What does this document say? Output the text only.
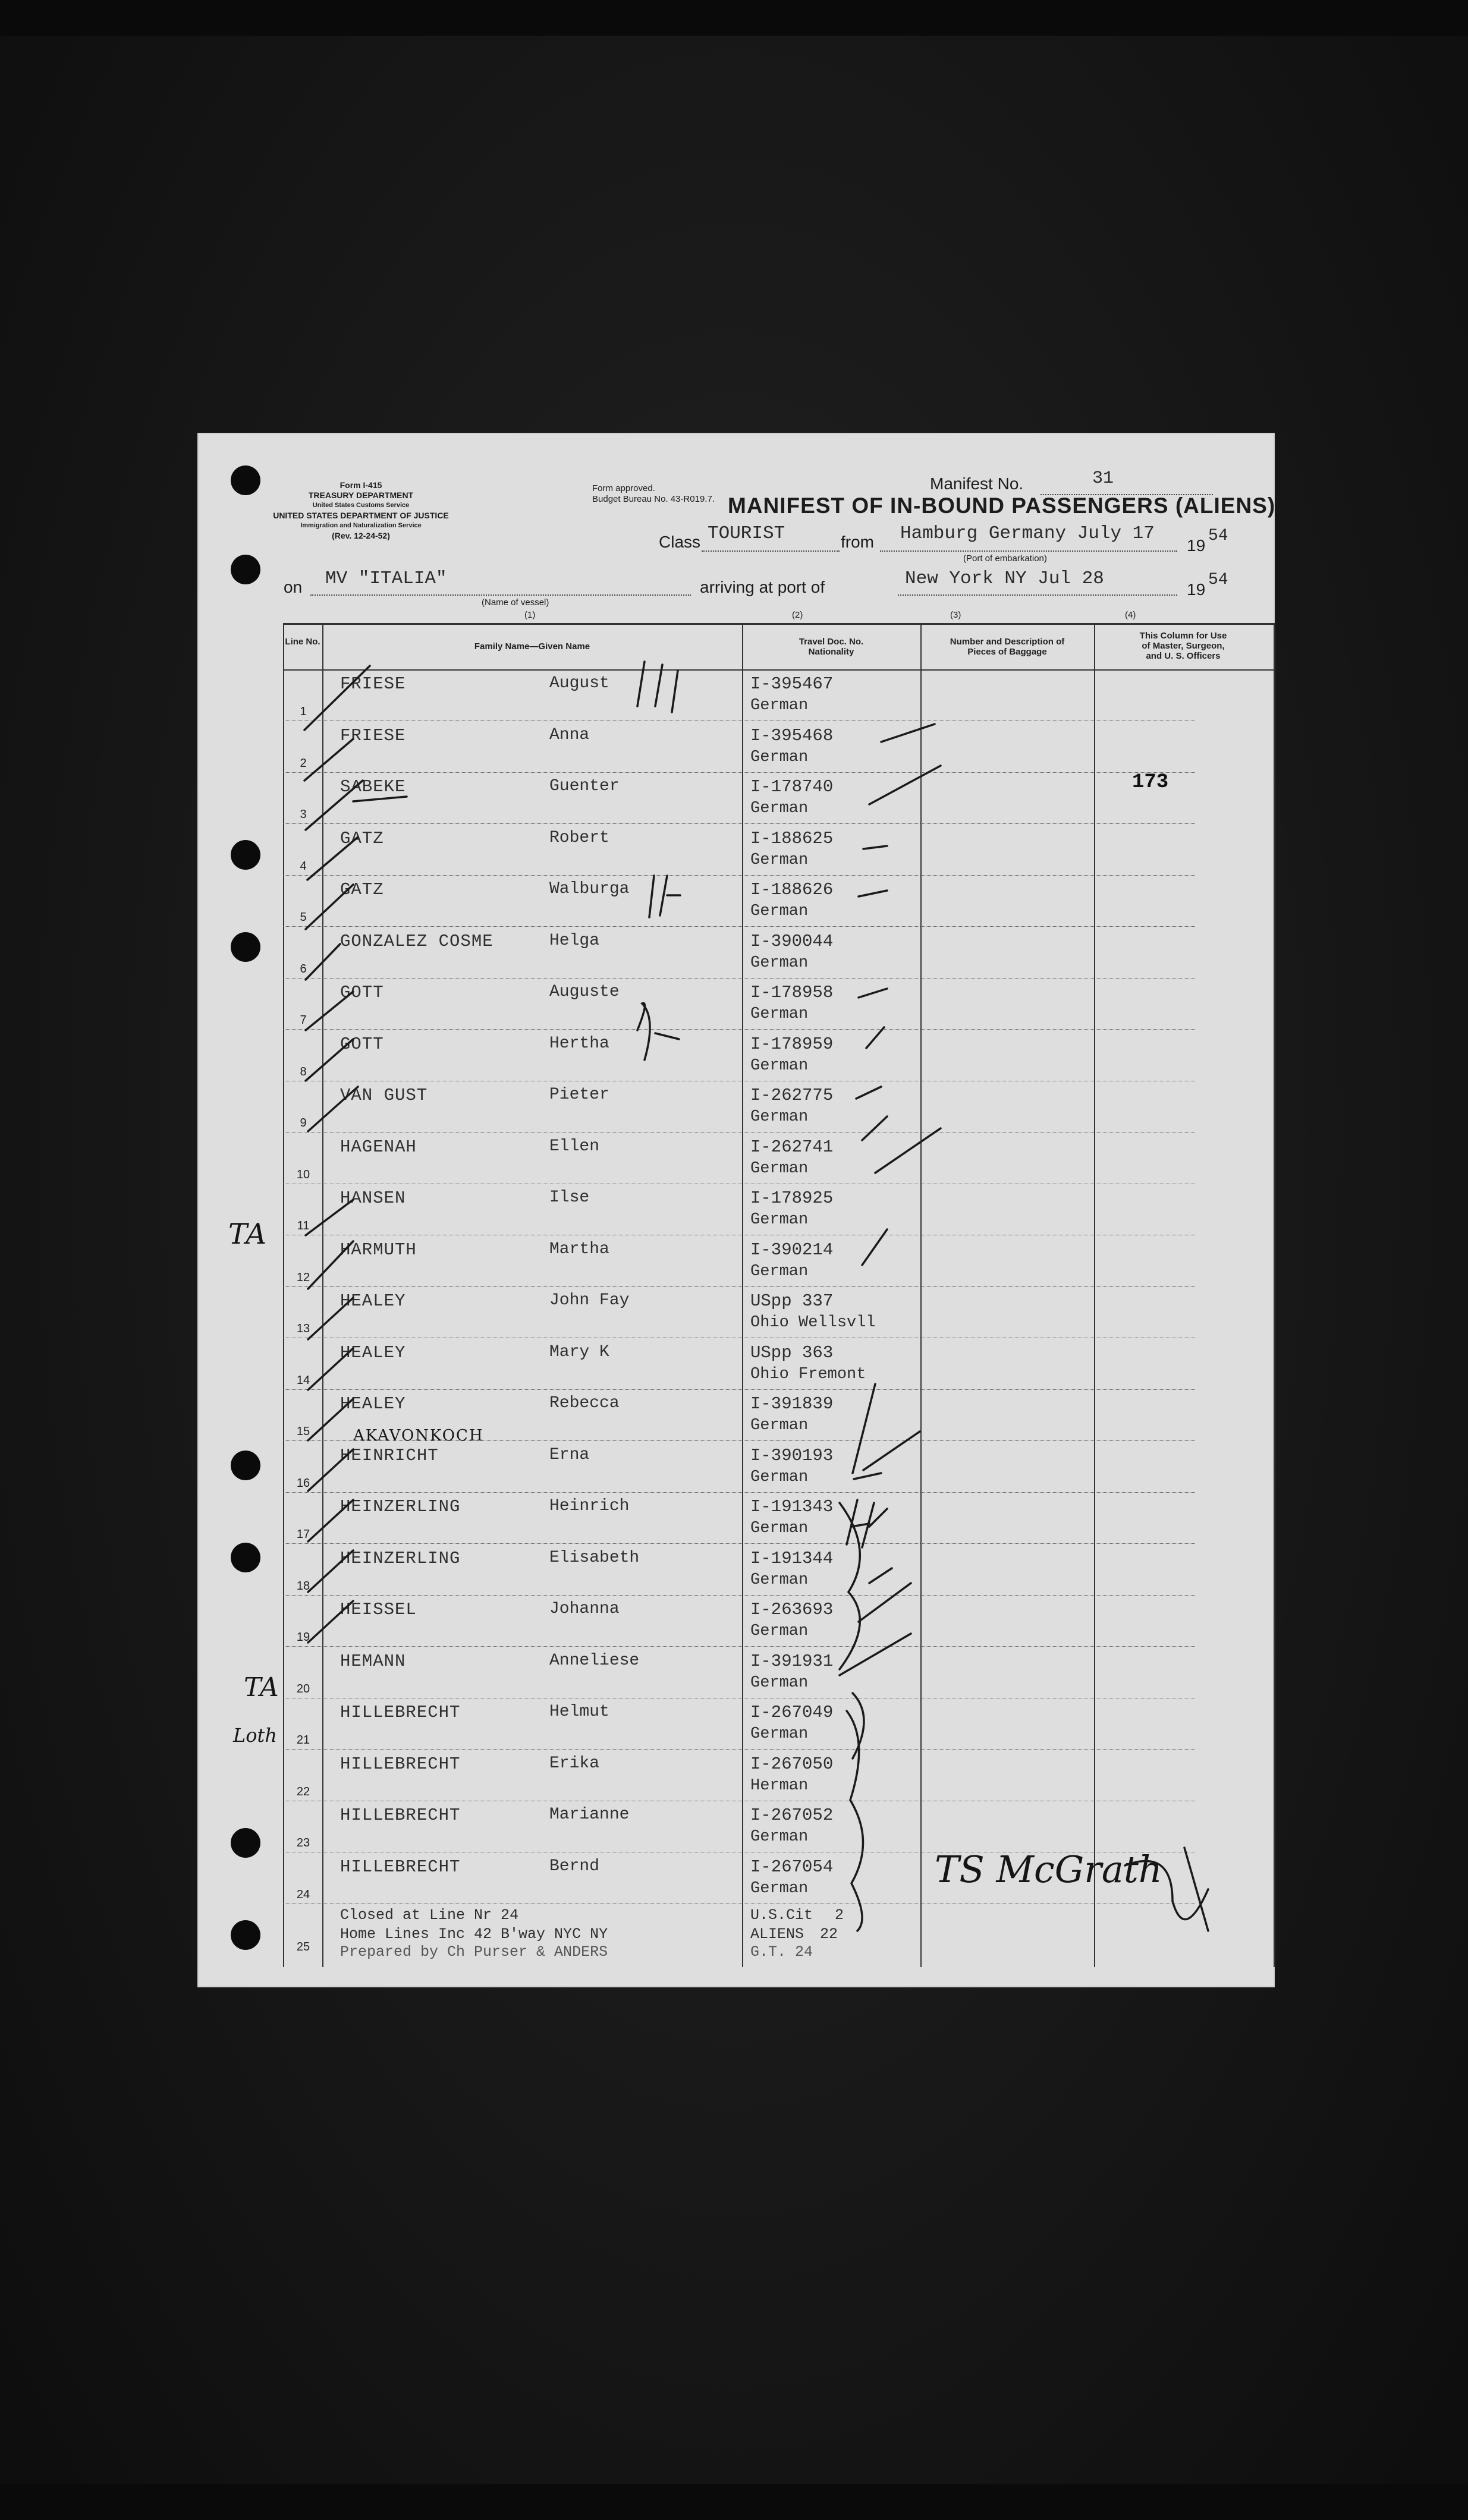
Form I-415
TREASURY DEPARTMENT
United States Customs Service
UNITED STATES DEPARTMENT OF JUSTICE
Immigration and Naturalization Service
(Rev. 12-24-52)
Form approved.
Budget Bureau No. 43-R019.7.
Manifest No.	31
MANIFEST OF IN-BOUND PASSENGERS (ALIENS)
Class TOURIST	from Hamburg Germany July 17
19
54
(Port of embarkation)
on MV "ITALIA"
(Name of vessel)
arriving at port of	New York NY Jul 28
19
54
(1)	(2)	(3)	(4)
Line No.	Family Name—Given Name	Travel Doc. No.
Nationality
Number and Description of
Pieces of Baggage
This Column for Use
of Master, Surgeon,
and U. S. Officers
1
FRIESE	August	I-395467
German
2
FRIESE	Anna	I-395468
German
3
SABEKE	Guenter	I-178740
German
173
4
GATZ	Robert	I-188625
German
5
GATZ	Walburga	I-188626
German
6
GONZALEZ COSME	Helga	I-390044
German
7
GOTT	Auguste	I-178958
German
8
GOTT	Hertha	I-178959
German
9
VAN GUST	Pieter	I-262775
German
10
HAGENAH	Ellen	I-262741
German
11
HANSEN	Ilse	I-178925
German
12
HARMUTH	Martha	I-390214
German
13
HEALEY	John Fay	USpp 337
Ohio Wellsvll
14
HEALEY	Mary K	USpp 363
Ohio Fremont
15
HEALEY	Rebecca	I-391839
German
16
HEINRICHT	Erna	I-390193
German
17
HEINZERLING	Heinrich	I-191343
German
18
HEINZERLING	Elisabeth	I-191344
German
19
HEISSEL	Johanna	I-263693
German
20
HEMANN	Anneliese	I-391931
German
21
HILLEBRECHT	Helmut	I-267049
German
22
HILLEBRECHT	Erika	I-267050
Herman
23
HILLEBRECHT	Marianne	I-267052
German
24
HILLEBRECHT	Bernd	I-267054
German
25
Closed at Line Nr 24
Home Lines Inc 42 B'way NYC NY
Prepared by Ch Purser & ANDERS
U.S.Cit 2
ALIENS 22
G.T. 24
TA
TA
Loth
AKAVONKOCH
TS McGrath
